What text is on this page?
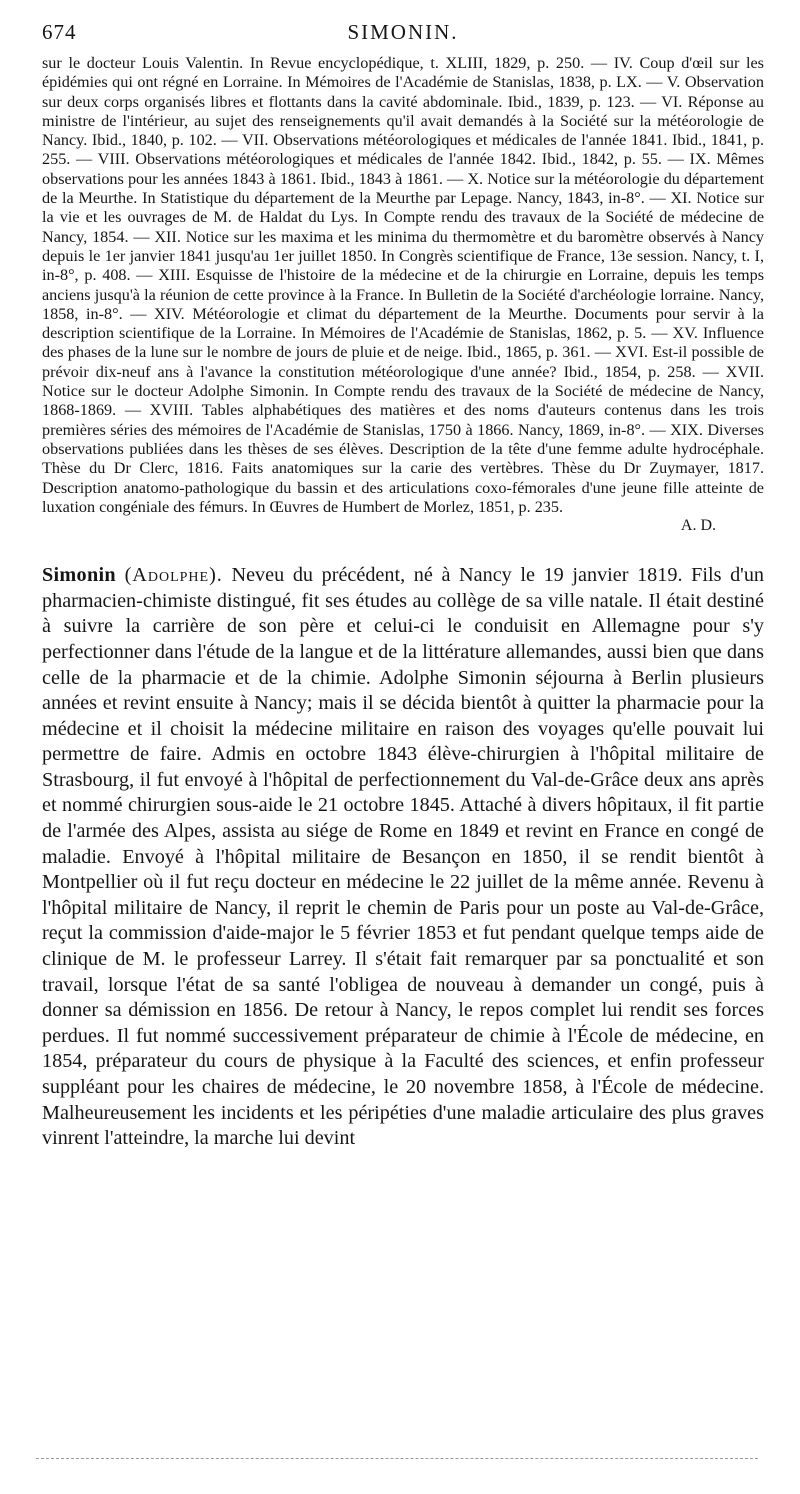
674	SIMONIN.

sur le docteur Louis Valentin. In Revue encyclopédique, t. XLIII, 1829, p. 250. — IV. Coup d'œil sur les épidémies qui ont régné en Lorraine. In Mémoires de l'Académie de Stanislas, 1838, p. LX. — V. Observation sur deux corps organisés libres et flottants dans la cavité abdominale. Ibid., 1839, p. 123. — VI. Réponse au ministre de l'intérieur, au sujet des renseignements qu'il avait demandés à la Société sur la météorologie de Nancy. Ibid., 1840, p. 102. — VII. Observations météorologiques et médicales de l'année 1841. Ibid., 1841, p. 255. — VIII. Observations météorologiques et médicales de l'année 1842. Ibid., 1842, p. 55. — IX. Mêmes observations pour les années 1843 à 1861. Ibid., 1843 à 1861. — X. Notice sur la météorologie du département de la Meurthe. In Statistique du département de la Meurthe par Lepage. Nancy, 1843, in-8°. — XI. Notice sur la vie et les ouvrages de M. de Haldat du Lys. In Compte rendu des travaux de la Société de médecine de Nancy, 1854. — XII. Notice sur les maxima et les minima du thermomètre et du baromètre observés à Nancy depuis le 1er janvier 1841 jusqu'au 1er juillet 1850. In Congrès scientifique de France, 13e session. Nancy, t. I, in-8°, p. 408. — XIII. Esquisse de l'histoire de la médecine et de la chirurgie en Lorraine, depuis les temps anciens jusqu'à la réunion de cette province à la France. In Bulletin de la Société d'archéologie lorraine. Nancy, 1858, in-8°. — XIV. Météorologie et climat du département de la Meurthe. Documents pour servir à la description scientifique de la Lorraine. In Mémoires de l'Académie de Stanislas, 1862, p. 5. — XV. Influence des phases de la lune sur le nombre de jours de pluie et de neige. Ibid., 1865, p. 361. — XVI. Est-il possible de prévoir dix-neuf ans à l'avance la constitution météorologique d'une année? Ibid., 1854, p. 258. — XVII. Notice sur le docteur Adolphe Simonin. In Compte rendu des travaux de la Société de médecine de Nancy, 1868-1869. — XVIII. Tables alphabétiques des matières et des noms d'auteurs contenus dans les trois premières séries des mémoires de l'Académie de Stanislas, 1750 à 1866. Nancy, 1869, in-8°. — XIX. Diverses observations publiées dans les thèses de ses élèves. Description de la tête d'une femme adulte hydrocéphale. Thèse du Dr Clerc, 1816. Faits anatomiques sur la carie des vertèbres. Thèse du Dr Zuymayer, 1817. Description anatomo-pathologique du bassin et des articulations coxo-fémorales d'une jeune fille atteinte de luxation congéniale des fémurs. In Œuvres de Humbert de Morlez, 1851, p. 235.

A. D.

Simonin (Adolphe). Neveu du précédent, né à Nancy le 19 janvier 1819. Fils d'un pharmacien-chimiste distingué, fit ses études au collège de sa ville natale. Il était destiné à suivre la carrière de son père et celui-ci le conduisit en Allemagne pour s'y perfectionner dans l'étude de la langue et de la littérature allemandes, aussi bien que dans celle de la pharmacie et de la chimie. Adolphe Simonin séjourna à Berlin plusieurs années et revint ensuite à Nancy; mais il se décida bientôt à quitter la pharmacie pour la médecine et il choisit la médecine militaire en raison des voyages qu'elle pouvait lui permettre de faire. Admis en octobre 1843 élève-chirurgien à l'hôpital militaire de Strasbourg, il fut envoyé à l'hôpital de perfectionnement du Val-de-Grâce deux ans après et nommé chirurgien sous-aide le 21 octobre 1845. Attaché à divers hôpitaux, il fit partie de l'armée des Alpes, assista au siége de Rome en 1849 et revint en France en congé de maladie. Envoyé à l'hôpital militaire de Besançon en 1850, il se rendit bientôt à Montpellier où il fut reçu docteur en médecine le 22 juillet de la même année. Revenu à l'hôpital militaire de Nancy, il reprit le chemin de Paris pour un poste au Val-de-Grâce, reçut la commission d'aide-major le 5 février 1853 et fut pendant quelque temps aide de clinique de M. le professeur Larrey. Il s'était fait remarquer par sa ponctualité et son travail, lorsque l'état de sa santé l'obligea de nouveau à demander un congé, puis à donner sa démission en 1856. De retour à Nancy, le repos complet lui rendit ses forces perdues. Il fut nommé successivement préparateur de chimie à l'École de médecine, en 1854, préparateur du cours de physique à la Faculté des sciences, et enfin professeur suppléant pour les chaires de médecine, le 20 novembre 1858, à l'École de médecine. Malheureusement les incidents et les péripéties d'une maladie articulaire des plus graves vinrent l'atteindre, la marche lui devint
